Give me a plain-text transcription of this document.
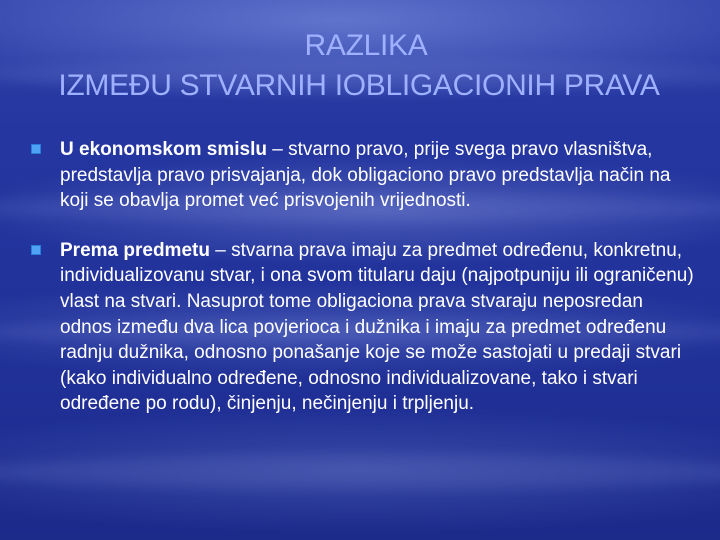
RAZLIKA
IZMEĐU STVARNIH IOBLIGACIONIH PRAVA
U ekonomskom smislu – stvarno pravo, prije svega pravo vlasništva, predstavlja pravo prisvajanja, dok obligaciono pravo predstavlja način na koji se obavlja promet već prisvojenih vrijednosti.
Prema predmetu – stvarna prava imaju za predmet određenu, konkretnu, individualizovanu stvar, i ona svom titularu daju (najpotpuniju ili ograničenu) vlast na stvari. Nasuprot tome obligaciona prava stvaraju neposredan odnos između dva lica povjerioca i dužnika i imaju za predmet određenu radnju dužnika, odnosno ponašanje koje se može sastojati u predaji stvari (kako individualno određene, odnosno individualizovane, tako i stvari određene po rodu), činjenju, nečinjenju i trpljenju.
